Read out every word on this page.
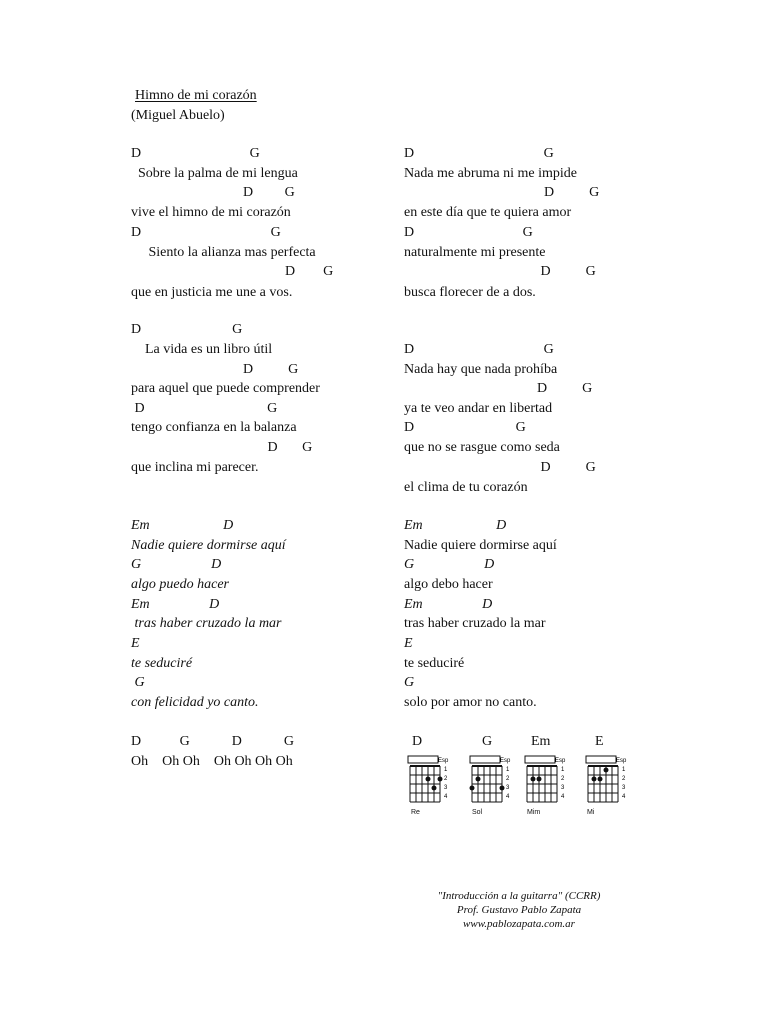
Himno de mi corazón
(Miguel Abuelo)
D                               G
Sobre la palma de mi lengua
D         G
vive el himno de mi corazón
D                                     G
Siento la alianza mas perfecta
D        G
que en justicia me une a vos.
D                          G
La vida es un libro útil
D          G
para aquel que puede comprender
D                                   G
tengo confianza en la balanza
D       G
que inclina mi parecer.
Em                     D
Nadie quiere dormirse aquí
G                    D
algo puedo hacer
Em                 D
tras haber cruzado la mar
E
te seduciré
G
con felicidad yo canto.
D           G            D            G
Oh    Oh Oh    Oh Oh Oh Oh
D                                     G
Nada me abruma ni me impide
D          G
en este día que te quiera amor
D                               G
naturalmente mi presente
D          G
busca florecer de a dos.
D                                     G
Nada hay que nada prohíba
D          G
ya te veo andar en libertad
D                             G
que no se rasgue como seda
D          G
el clima de tu corazón
Em                     D
Nadie quiere dormirse aquí
G                    D
algo debo hacer
Em                 D
tras haber cruzado la mar
E
te seduciré
G
solo por amor no canto.
D
Esp
1
2
3
4
Re
G
Esp
1
2
3
4
Sol
Em
Esp
1
2
3
4
Mim
E
Esp
1
2
3
4
Mi
"Introducción a la guitarra" (CCRR)
Prof. Gustavo Pablo Zapata
www.pablozapata.com.ar
